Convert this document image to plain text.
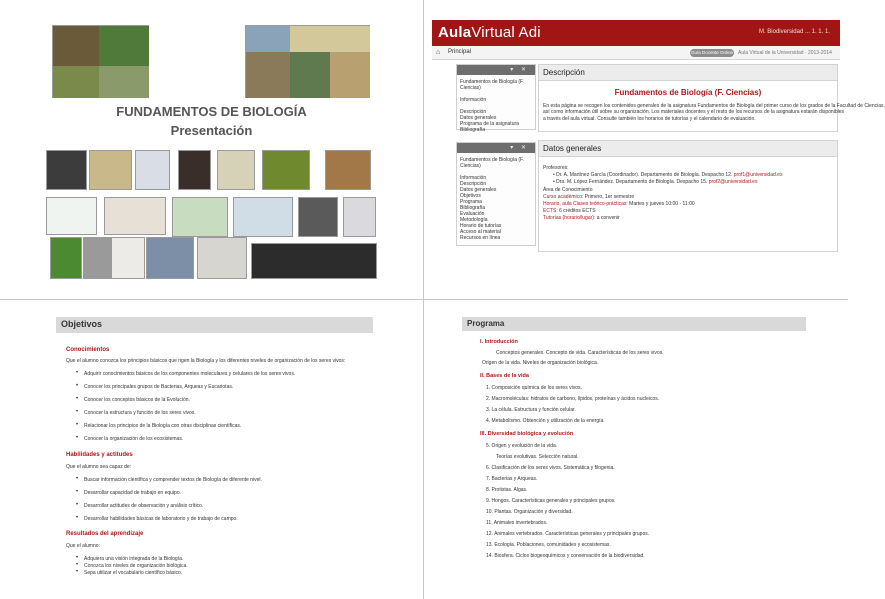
FUNDAMENTOS DE BIOLOGÍA
Presentación
AulaVirtual Adi	M. Biodiversidad ... 1. 1. 1.
⌂	Principal	Guía Docente Online Aula Virtual de la Universidad · 2013-2014
▾ ✕
Fundamentos de Biología (F.
Ciencias)

Información

Descripción
Datos generales
Programa de la asignatura
Bibliografía
▾ ✕
Fundamentos de Biología (F.
Ciencias)

Información
Descripción
Datos generales
Objetivos
Programa
Bibliografía
Evaluación
Metodología
Horario de tutorías
Acceso al material
Recursos en línea
Descripción
Fundamentos de Biología (F. Ciencias)
En esta página se recogen los contenidos generales de la asignatura Fundamentos de Biología del primer curso de los grados de la Facultad de Ciencias,
así como información útil sobre su organización. Los materiales docentes y el resto de los recursos de la asignatura estarán disponibles
a través del aula virtual. Consulte también los horarios de tutorías y el calendario de evaluación.
Datos generales
Profesores:
• Dr. A. Martínez García (Coordinador). Departamento de Biología. Despacho 12. prof1@universidad.es
• Dra. M. López Fernández. Departamento de Biología. Despacho 15. prof2@universidad.es
Área de Conocimiento
Curso académico: Primero, 1er semestre
Horario, aula Clases teórico-prácticas: Martes y jueves 10:00 - 11:00
ECTS: 6 créditos ECTS
Tutorías (horario/lugar): a convenir
Objetivos
Conocimientos
Que el alumno conozca los principios básicos que rigen la Biología y los diferentes niveles de organización de los seres vivos:
• Adquirir conocimientos básicos de los componentes moleculares y celulares de los seres vivos.
• Conocer los principales grupos de Bacterias, Arqueas y Eucariotas.
• Conocer los conceptos básicos de la Evolución.
• Conocer la estructura y función de los seres vivos.
• Relacionar los principios de la Biología con otras disciplinas científicas.
• Conocer la organización de los ecosistemas.
Habilidades y actitudes
Que el alumno sea capaz de:
• Buscar información científica y comprender textos de Biología de diferente nivel.
• Desarrollar capacidad de trabajo en equipo.
• Desarrollar actitudes de observación y análisis crítico.
• Desarrollar habilidades básicas de laboratorio y de trabajo de campo.
Resultados del aprendizaje
Que el alumno:
• Adquiera una visión integrada de la Biología.
• Conozca los niveles de organización biológica.
• Sepa utilizar el vocabulario científico básico.
Programa
I. Introducción
Conceptos generales. Concepto de vida. Características de los seres vivos.
Origen de la vida. Niveles de organización biológica.
II. Bases de la vida
1. Composición química de los seres vivos.
2. Macromoléculas: hidratos de carbono, lípidos, proteínas y ácidos nucleicos.
3. La célula. Estructura y función celular.
4. Metabolismo. Obtención y utilización de la energía.
III. Diversidad biológica y evolución
5. Origen y evolución de la vida.
Teorías evolutivas. Selección natural.
6. Clasificación de los seres vivos. Sistemática y filogenia.
7. Bacterias y Arqueas.
8. Protistas. Algas.
9. Hongos. Características generales y principales grupos.
10. Plantas. Organización y diversidad.
11. Animales invertebrados.
12. Animales vertebrados. Características generales y principales grupos.
13. Ecología. Poblaciones, comunidades y ecosistemas.
14. Biosfera. Ciclos biogeoquímicos y conservación de la biodiversidad.
